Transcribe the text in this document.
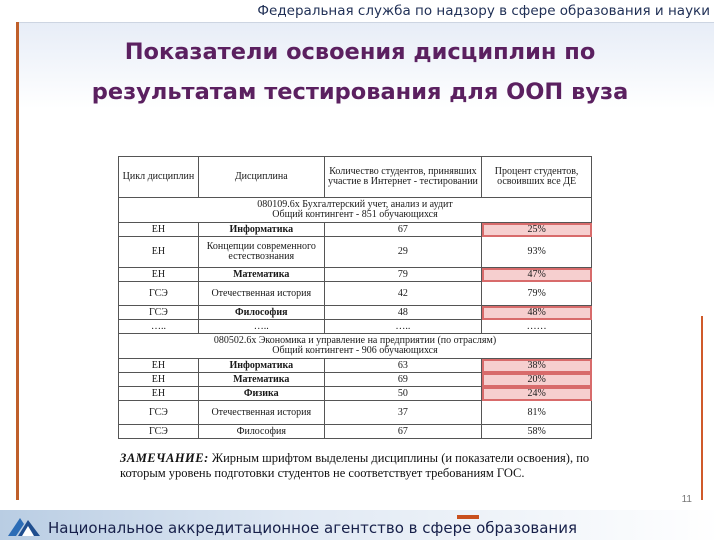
Федеральная служба по надзору в сфере образования и науки
Показатели освоения дисциплин по
результатам тестирования для ООП вуза
Цикл дисциплин	Дисциплина	Количество студентов, принявших участие в Интернет - тестировании	Процент студентов, освоивших все ДЕ

080109.6х Бухгалтерский учет, анализ и аудит
Общий контингент - 851 обучающихся			

ЕН	Информатика	67	25%
ЕН	Концепции современного естествознания	29	93%
ЕН	Математика	79	47%
ГСЭ	Отечественная история	42	79%
ГСЭ	Философия	48	48%
…..	…..	…..	……

080502.6х Экономика и управление на предприятии (по отраслям)
Общий контингент - 906 обучающихся			

ЕН	Информатика	63	38%
ЕН	Математика	69	20%
ЕН	Физика	50	24%
ГСЭ	Отечественная история	37	81%
ГСЭ	Философия	67	58%
ЗАМЕЧАНИЕ: Жирным шрифтом выделены дисциплины (и показатели освоения), по которым уровень подготовки студентов не соответствует требованиям ГОС.
11
Национальное аккредитационное агентство в сфере образования
